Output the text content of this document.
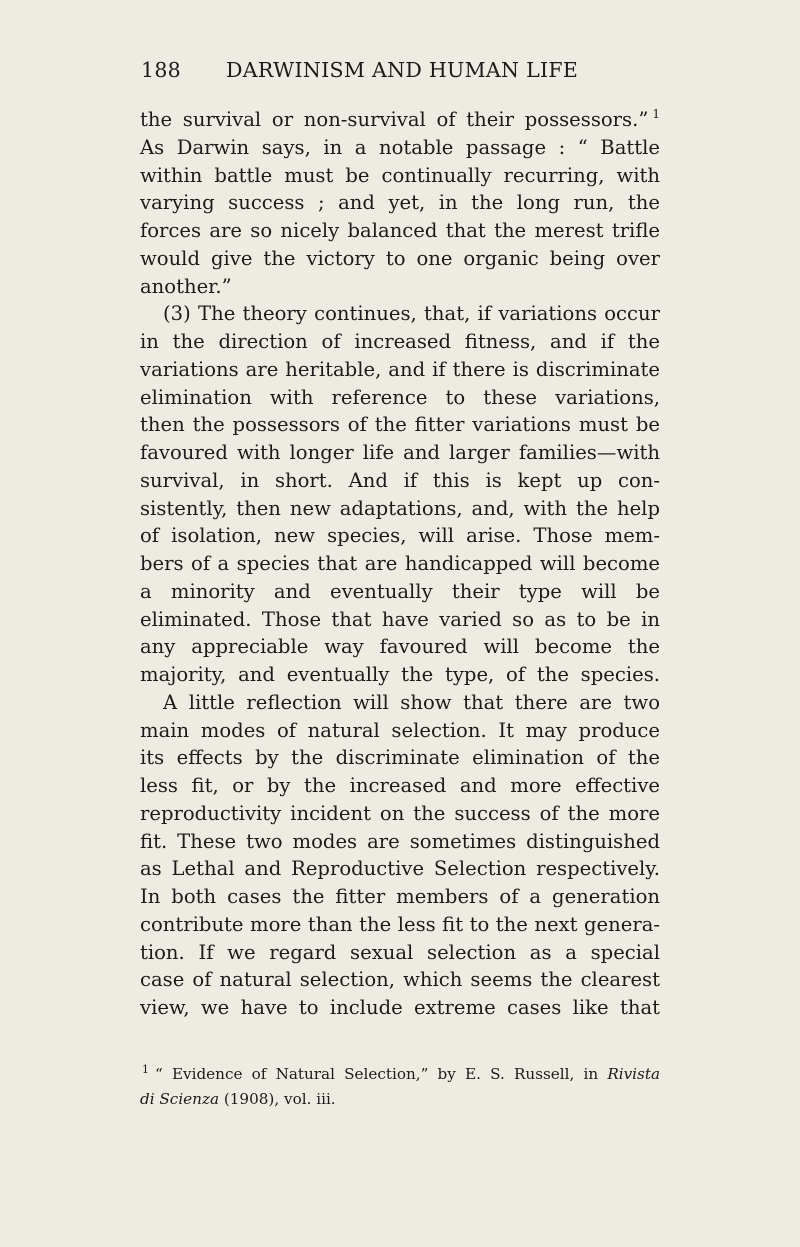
188 DARWINISM AND HUMAN LIFE
the survival or non-survival of their possessors.” $^1$
As Darwin says, in a notable passage : “ Battle
within battle must be continually recurring, with
varying success ; and yet, in the long run, the
forces are so nicely balanced that the merest trifle
would give the victory to one organic being over
another.”
(3) The theory continues, that, if variations occur
in the direction of increased fitness, and if the
variations are heritable, and if there is discriminate
elimination with reference to these variations,
then the possessors of the fitter variations must be
favoured with longer life and larger families—with
survival, in short. And if this is kept up con-
sistently, then new adaptations, and, with the help
of isolation, new species, will arise. Those mem-
bers of a species that are handicapped will become
a minority and eventually their type will be
eliminated. Those that have varied so as to be in
any appreciable way favoured will become the
majority, and eventually the type, of the species.
A little reflection will show that there are two
main modes of natural selection. It may produce
its effects by the discriminate elimination of the
less fit, or by the increased and more effective
reproductivity incident on the success of the more
fit. These two modes are sometimes distinguished
as Lethal and Reproductive Selection respectively.
In both cases the fitter members of a generation
contribute more than the less fit to the next genera-
tion. If we regard sexual selection as a special
case of natural selection, which seems the clearest
view, we have to include extreme cases like that
$^1$ “ Evidence of Natural Selection,” by E. S. Russell, in Rivista
di Scienza (1908), vol. iii.
